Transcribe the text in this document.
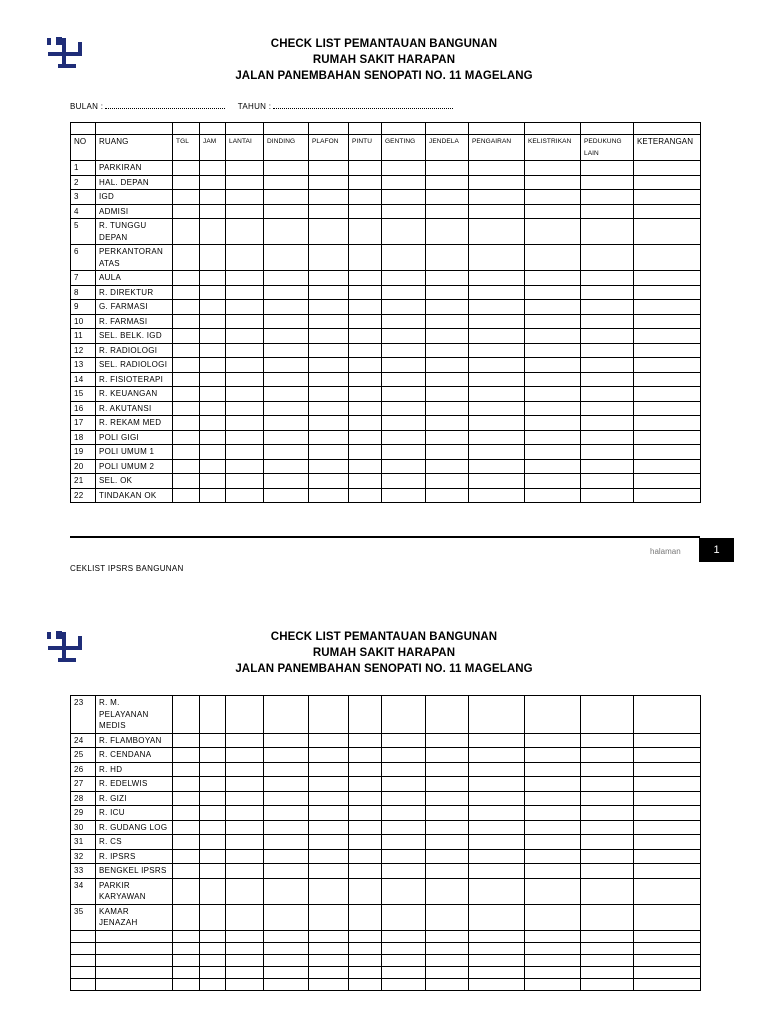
CHECK LIST PEMANTAUAN BANGUNAN
RUMAH SAKIT HARAPAN
JALAN PANEMBAHAN SENOPATI NO. 11 MAGELANG
BULAN :	TAHUN :

NO	RUANG	TGL	JAM	LANTAI	DINDING	PLAFON	PINTU	GENTING	JENDELA	PENGAIRAN	KELISTRIKAN	PEDUKUNG LAIN	KETERANGAN
1	PARKIRAN												
2	HAL. DEPAN												
3	IGD												
4	ADMISI												
5	R. TUNGGU DEPAN												
6	PERKANTORAN ATAS												
7	AULA												
8	R. DIREKTUR												
9	G. FARMASI												
10	R. FARMASI												
11	SEL. BELK. IGD												
12	R. RADIOLOGI												
13	SEL. RADIOLOGI												
14	R. FISIOTERAPI												
15	R. KEUANGAN												
16	R. AKUTANSI												
17	R. REKAM MED												
18	POLI GIGI												
19	POLI UMUM 1												
20	POLI UMUM 2												
21	SEL. OK												
22	TINDAKAN OK												
halaman	1
CEKLIST IPSRS BANGUNAN
CHECK LIST PEMANTAUAN BANGUNAN
RUMAH SAKIT HARAPAN
JALAN PANEMBAHAN SENOPATI NO. 11 MAGELANG
23	R. M. PELAYANAN MEDIS												
24	R. FLAMBOYAN												
25	R. CENDANA												
26	R. HD												
27	R. EDELWIS												
28	R. GIZI												
29	R. ICU												
30	R. GUDANG LOG												
31	R. CS												
32	R. IPSRS												
33	BENGKEL IPSRS												
34	PARKIR KARYAWAN												
35	KAMAR JENAZAH												
